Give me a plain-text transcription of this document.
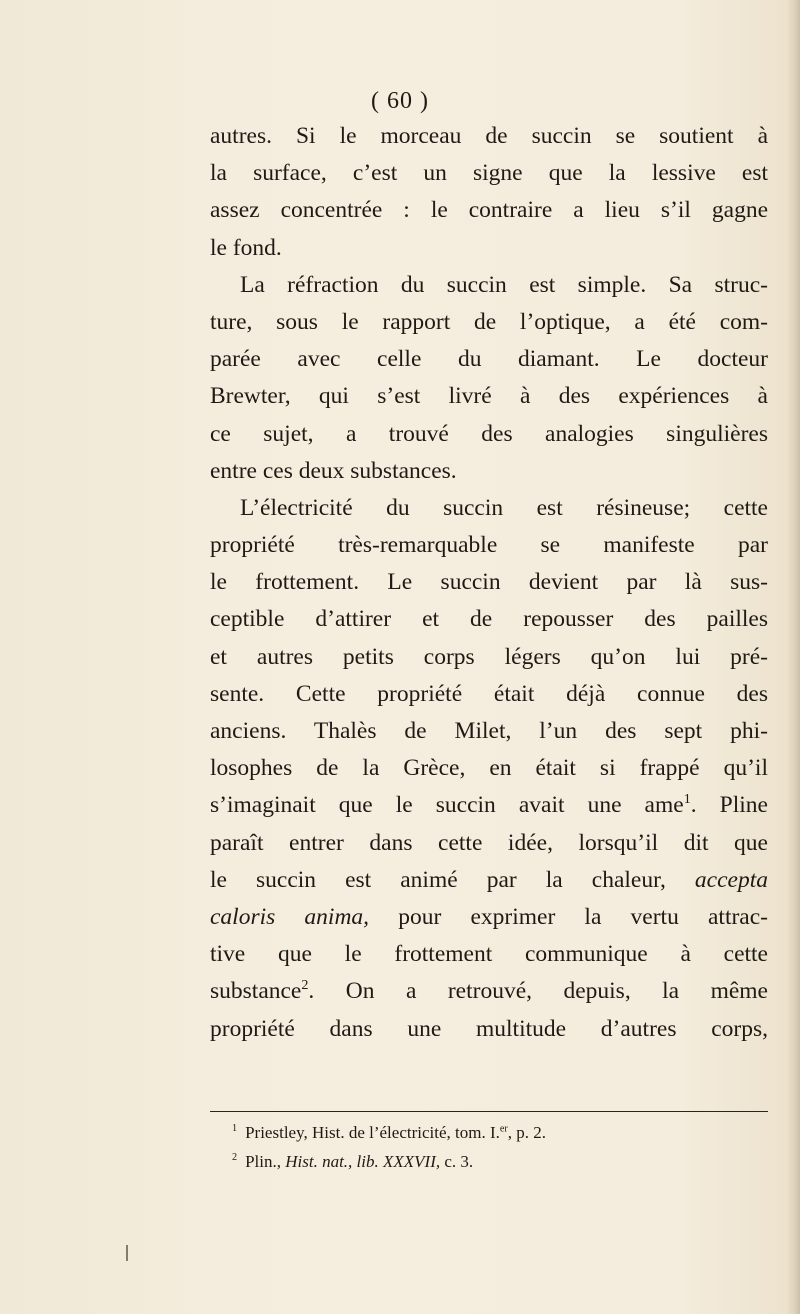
( 60 )
autres. Si le morceau de succin se soutient à
la surface, c’est un signe que la lessive est
assez concentrée : le contraire a lieu s’il gagne
le fond.
La réfraction du succin est simple. Sa struc-
ture, sous le rapport de l’optique, a été com-
parée avec celle du diamant. Le docteur
Brewter, qui s’est livré à des expériences à
ce sujet, a trouvé des analogies singulières
entre ces deux substances.
L’électricité du succin est résineuse; cette
propriété très-remarquable se manifeste par
le frottement. Le succin devient par là sus-
ceptible d’attirer et de repousser des pailles
et autres petits corps légers qu’on lui pré-
sente. Cette propriété était déjà connue des
anciens. Thalès de Milet, l’un des sept phi-
losophes de la Grèce, en était si frappé qu’il
s’imaginait que le succin avait une ame$^1$. Pline
paraît entrer dans cette idée, lorsqu’il dit que
le succin est animé par la chaleur, accepta
caloris anima, pour exprimer la vertu attrac-
tive que le frottement communique à cette
substance$^2$. On a retrouvé, depuis, la même
propriété dans une multitude d’autres corps,
$^1$ Priestley, Hist. de l’électricité, tom. I.$^{er}$, p. 2.
$^2$ Plin., Hist. nat., lib. XXXVII, c. 3.
